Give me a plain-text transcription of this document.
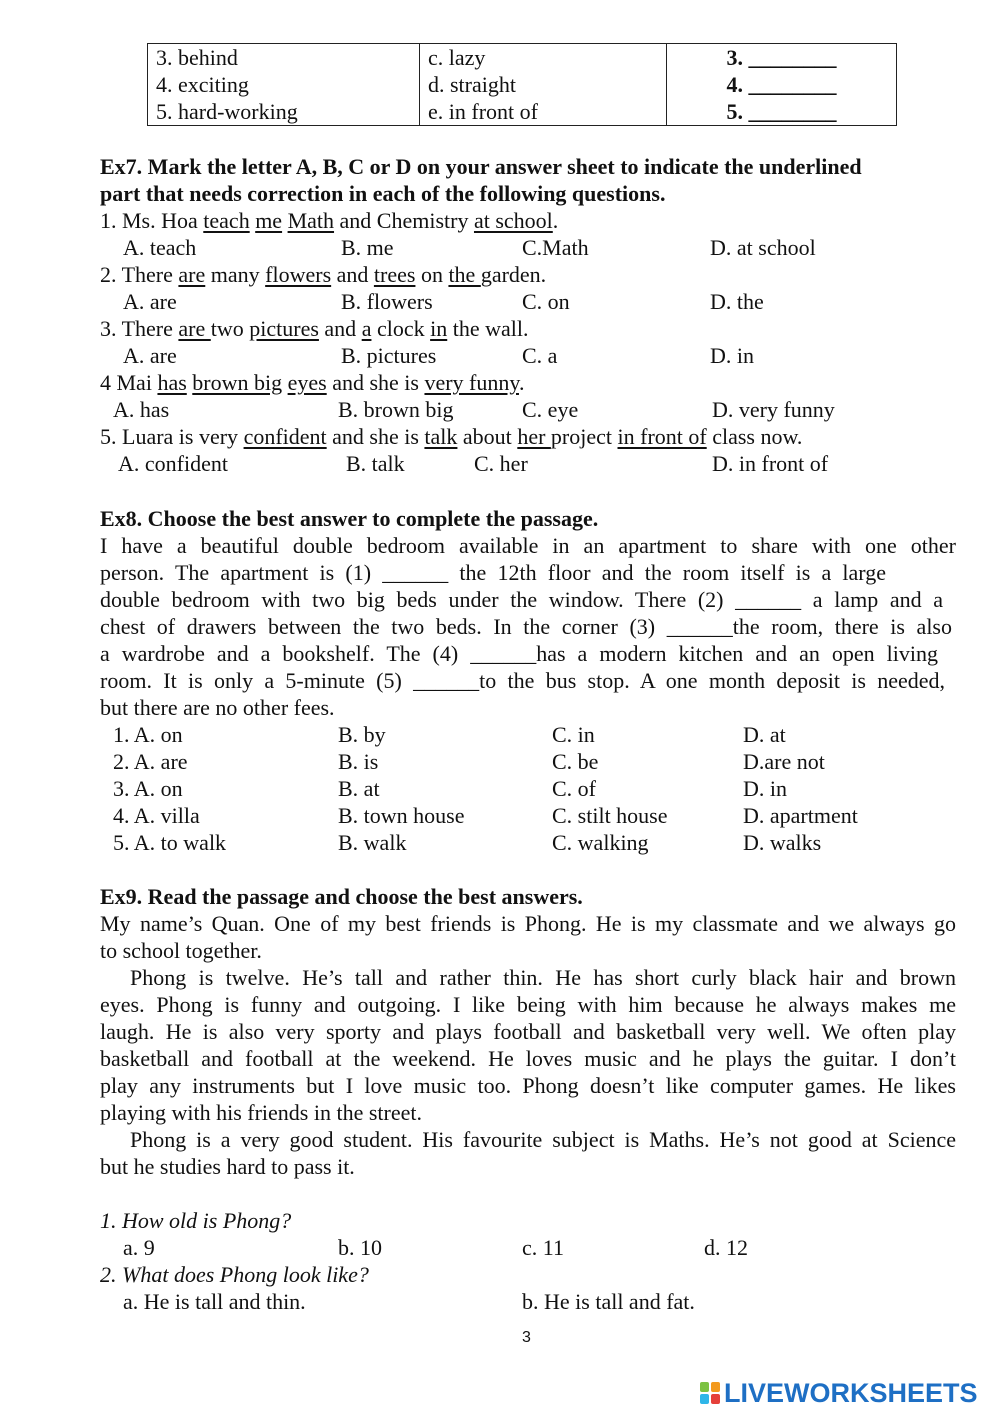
3. behind	c. lazy	3. ________
4. exciting	d. straight	4. ________
5. hard-working	e. in front of	5. ________
Ex7. Mark the letter A, B, C or D on your answer sheet to indicate the underlined
part that needs correction in each of the following questions.
1. Ms. Hoa teach me Math and Chemistry at school.
A. teach	B. me	C.Math	D. at school
2. There are many flowers and trees on the garden.
A. are	B. flowers	C. on	D. the
3. There are two pictures and a clock in the wall.
A. are	B. pictures	C. a	D. in
4 Mai has brown big eyes and she is very funny.
A. has	B. brown big	C. eye	D. very funny
5. Luara is very confident and she is talk about her project in front of class now.
A. confident	B. talk	C. her	D. in front of
Ex8. Choose the best answer to complete the passage.
I have a beautiful double bedroom available in an apartment to share with one other
person. The apartment is (1) ______ the 12th floor and the room itself is a large
double bedroom with two big beds under the window. There (2) ______ a lamp and a
chest of drawers between the two beds. In the corner (3) ______the room, there is also
a wardrobe and a bookshelf. The (4) ______has a modern kitchen and an open living
room. It is only a 5-minute (5) ______to the bus stop. A one month deposit is needed,
but there are no other fees.
1. A. on	B. by	C. in	D. at
2. A. are	B. is	C. be	D.are not
3. A. on	B. at	C. of	D. in
4. A. villa	B. town house	C. stilt house	D. apartment
5. A. to walk	B. walk	C. walking	D. walks
Ex9. Read the passage and choose the best answers.
My name’s Quan. One of my best friends is Phong. He is my classmate and we always go
to school together.
Phong is twelve. He’s tall and rather thin. He has short curly black hair and brown
eyes. Phong is funny and outgoing. I like being with him because he always makes me
laugh. He is also very sporty and plays football and basketball very well. We often play
basketball and football at the weekend. He loves music and he plays the guitar. I don’t
play any instruments but I love music too. Phong doesn’t like computer games. He likes
playing with his friends in the street.
Phong is a very good student. His favourite subject is Maths. He’s not good at Science
but he studies hard to pass it.
1. How old is Phong?
a. 9	b. 10	c. 11	d. 12
2. What does Phong look like?
a. He is tall and thin.	b. He is tall and fat.
3
LIVEWORKSHEETS
